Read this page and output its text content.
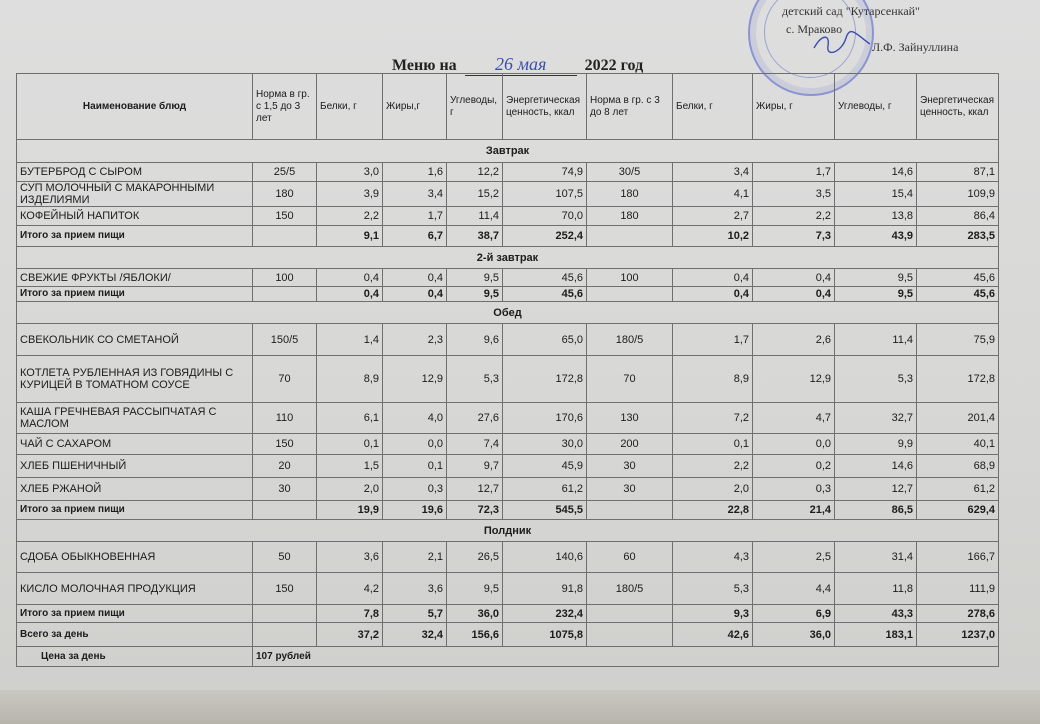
детский сад "Кутарсенкай"
с. Мраково
Л.Ф. Зайнуллина
Меню на 26 мая 2022 год
Наименование блюд	Норма в гр. с 1,5 до 3 лет	Белки, г	Жиры,г	Углеводы, г	Энергетическая ценность, ккал	Норма в гр. с 3 до 8 лет	Белки, г	Жиры, г	Углеводы, г	Энергетическая ценность, ккал
Завтрак										
БУТЕРБРОД С СЫРОМ	25/5	3,0	1,6	12,2	74,9	30/5	3,4	1,7	14,6	87,1
СУП МОЛОЧНЫЙ С МАКАРОННЫМИ ИЗДЕЛИЯМИ	180	3,9	3,4	15,2	107,5	180	4,1	3,5	15,4	109,9
КОФЕЙНЫЙ НАПИТОК	150	2,2	1,7	11,4	70,0	180	2,7	2,2	13,8	86,4
Итого за прием пищи		9,1	6,7	38,7	252,4		10,2	7,3	43,9	283,5
2-й завтрак										
СВЕЖИЕ ФРУКТЫ /ЯБЛОКИ/	100	0,4	0,4	9,5	45,6	100	0,4	0,4	9,5	45,6
Итого за прием пищи		0,4	0,4	9,5	45,6		0,4	0,4	9,5	45,6
Обед										
СВЕКОЛЬНИК СО СМЕТАНОЙ	150/5	1,4	2,3	9,6	65,0	180/5	1,7	2,6	11,4	75,9
КОТЛЕТА РУБЛЕННАЯ ИЗ ГОВЯДИНЫ С КУРИЦЕЙ В ТОМАТНОМ СОУСЕ	70	8,9	12,9	5,3	172,8	70	8,9	12,9	5,3	172,8
КАША ГРЕЧНЕВАЯ РАССЫПЧАТАЯ С МАСЛОМ	110	6,1	4,0	27,6	170,6	130	7,2	4,7	32,7	201,4
ЧАЙ С САХАРОМ	150	0,1	0,0	7,4	30,0	200	0,1	0,0	9,9	40,1
ХЛЕБ ПШЕНИЧНЫЙ	20	1,5	0,1	9,7	45,9	30	2,2	0,2	14,6	68,9
ХЛЕБ РЖАНОЙ	30	2,0	0,3	12,7	61,2	30	2,0	0,3	12,7	61,2
Итого за прием пищи		19,9	19,6	72,3	545,5		22,8	21,4	86,5	629,4
Полдник										
СДОБА ОБЫКНОВЕННАЯ	50	3,6	2,1	26,5	140,6	60	4,3	2,5	31,4	166,7
КИСЛО МОЛОЧНАЯ ПРОДУКЦИЯ	150	4,2	3,6	9,5	91,8	180/5	5,3	4,4	11,8	111,9
Итого за прием пищи		7,8	5,7	36,0	232,4		9,3	6,9	43,3	278,6
Всего за день		37,2	32,4	156,6	1075,8		42,6	36,0	183,1	1237,0
Цена за день	107 рублей									
